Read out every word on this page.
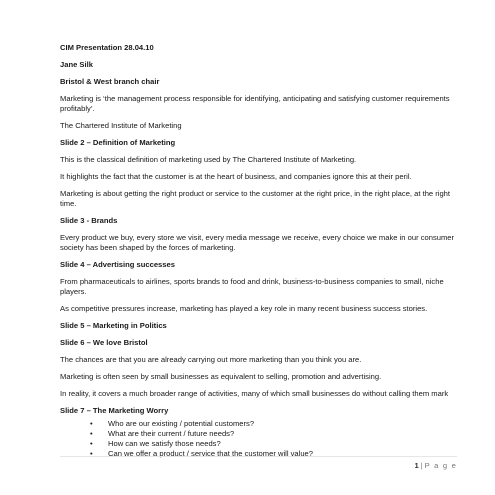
CIM Presentation 28.04.10

Jane Silk

Bristol & West branch chair

Marketing is ‘the management process responsible for identifying, anticipating and satisfying customer requirements profitably’.

The Chartered Institute of Marketing

Slide 2 – Definition of Marketing

This is the classical definition of marketing used by The Chartered Institute of Marketing.

It highlights the fact that the customer is at the heart of business, and companies ignore this at their peril.

Marketing is about getting the right product or service to the customer at the right price, in the right place, at the right time.

Slide 3 - Brands

Every product we buy, every store we visit, every media message we receive, every choice we make in our consumer society has been shaped by the forces of marketing.

Slide 4 – Advertising successes

From pharmaceuticals to airlines, sports brands to food and drink, business-to-business companies to small, niche players.

As competitive pressures increase, marketing has played a key role in many recent business success stories.

Slide 5 – Marketing in Politics

Slide 6 – We love Bristol

The chances are that you are already carrying out more marketing than you think you are.

Marketing is often seen by small businesses as equivalent to selling, promotion and advertising.

In reality, it covers a much broader range of activities, many of which small businesses do without calling them mark

Slide 7 – The Marketing Worry

• Who are our existing / potential customers?
• What are their current / future needs?
• How can we satisfy those needs?
• Can we offer a product / service that the customer will value?
1 | P a g e
